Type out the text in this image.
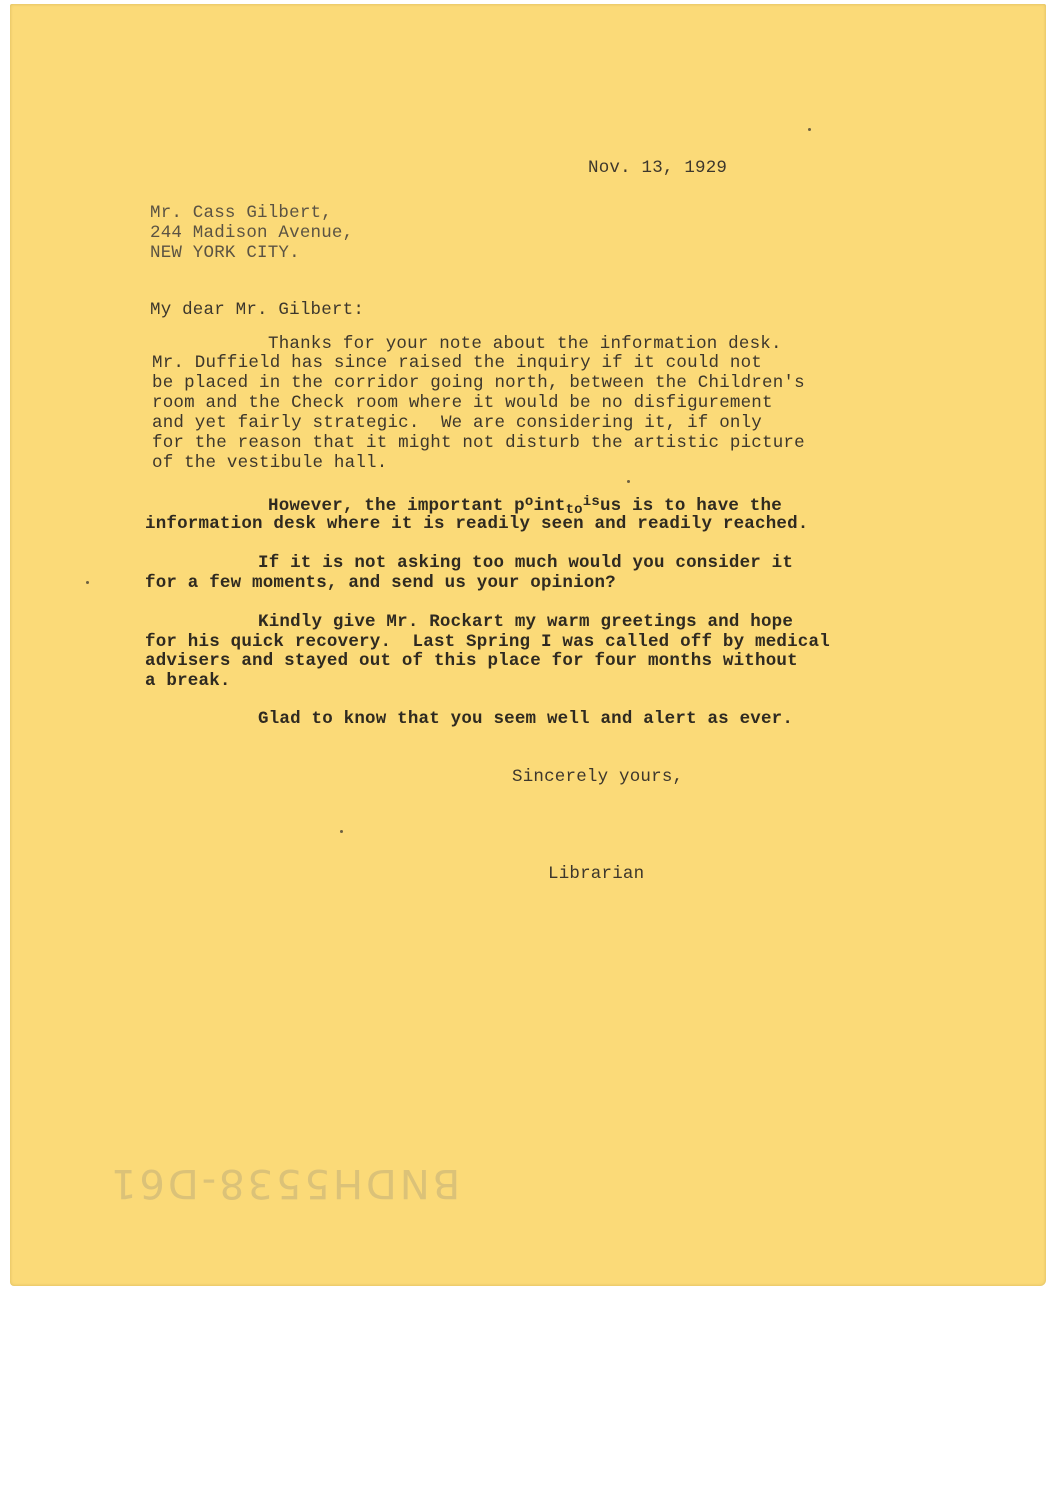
Nov. 13, 1929
Mr. Cass Gilbert,
244 Madison Avenue,
NEW YORK CITY.
My dear Mr. Gilbert:
Thanks for your note about the information desk.
Mr. Duffield has since raised the inquiry if it could not
be placed in the corridor going north, between the Children's
room and the Check room where it would be no disfigurement
and yet fairly strategic.  We are considering it, if only
for the reason that it might not disturb the artistic picture
of the vestibule hall.
However, the important $p^oint_{to}^{is}us$ is to have the
information desk where it is readily seen and readily reached.
If it is not asking too much would you consider it
for a few moments, and send us your opinion?
Kindly give Mr. Rockart my warm greetings and hope
for his quick recovery.  Last Spring I was called off by medical
advisers and stayed out of this place for four months without
a break.
Glad to know that you seem well and alert as ever.
Sincerely yours,
Librarian
BNDH5538-D61
